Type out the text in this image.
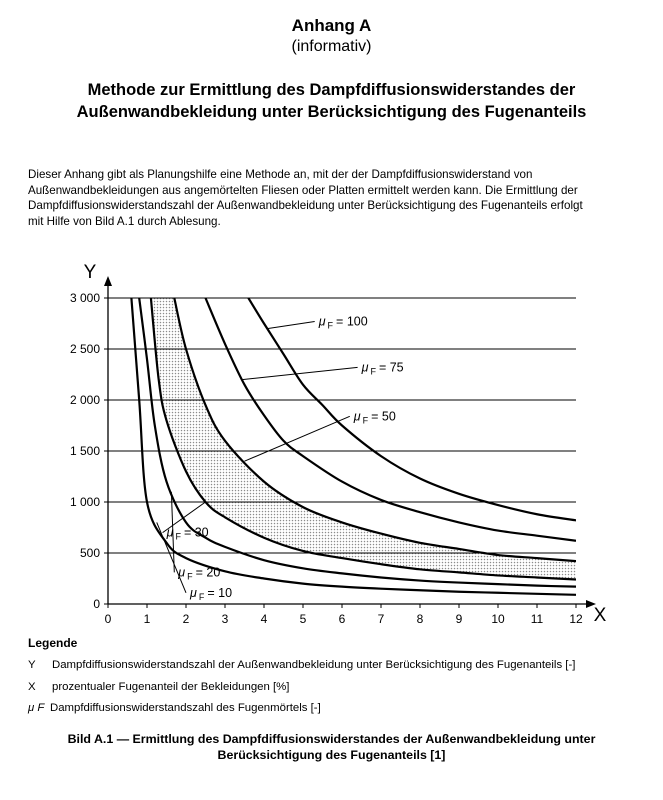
Anhang A
(informativ)
Methode zur Ermittlung des Dampfdiffusionswiderstandes der
Außenwandbekleidung unter Berücksichtigung des Fugenanteils
Dieser Anhang gibt als Planungshilfe eine Methode an, mit der der Dampfdiffusionswiderstand von
Außenwandbekleidungen aus angemörtelten Fliesen oder Platten ermittelt werden kann. Die Ermittlung der
Dampfdiffusionswiderstandszahl der Außenwandbekleidung unter Berücksichtigung des Fugenanteils erfolgt
mit Hilfe von Bild A.1 durch Ablesung.
0
500
1 000
1 500
2 000
2 500
3 000
0	1	2	3	4	5	6	7	8	9 10 11 12
Y
X
μ $_F$ = 10
μ $_F$ = 20
μ $_F$ = 30
μ $_F$ = 50
μ $_F$ = 75
μ $_F$ = 100
Legende
Y Dampfdiffusionswiderstandszahl der Außenwandbekleidung unter Berücksichtigung des Fugenanteils [-]
X prozentualer Fugenanteil der Bekleidungen [%]
μ F Dampfdiffusionswiderstandszahl des Fugenmörtels [-]
Bild A.1 — Ermittlung des Dampfdiffusionswiderstandes der Außenwandbekleidung unter
Berücksichtigung des Fugenanteils [1]
